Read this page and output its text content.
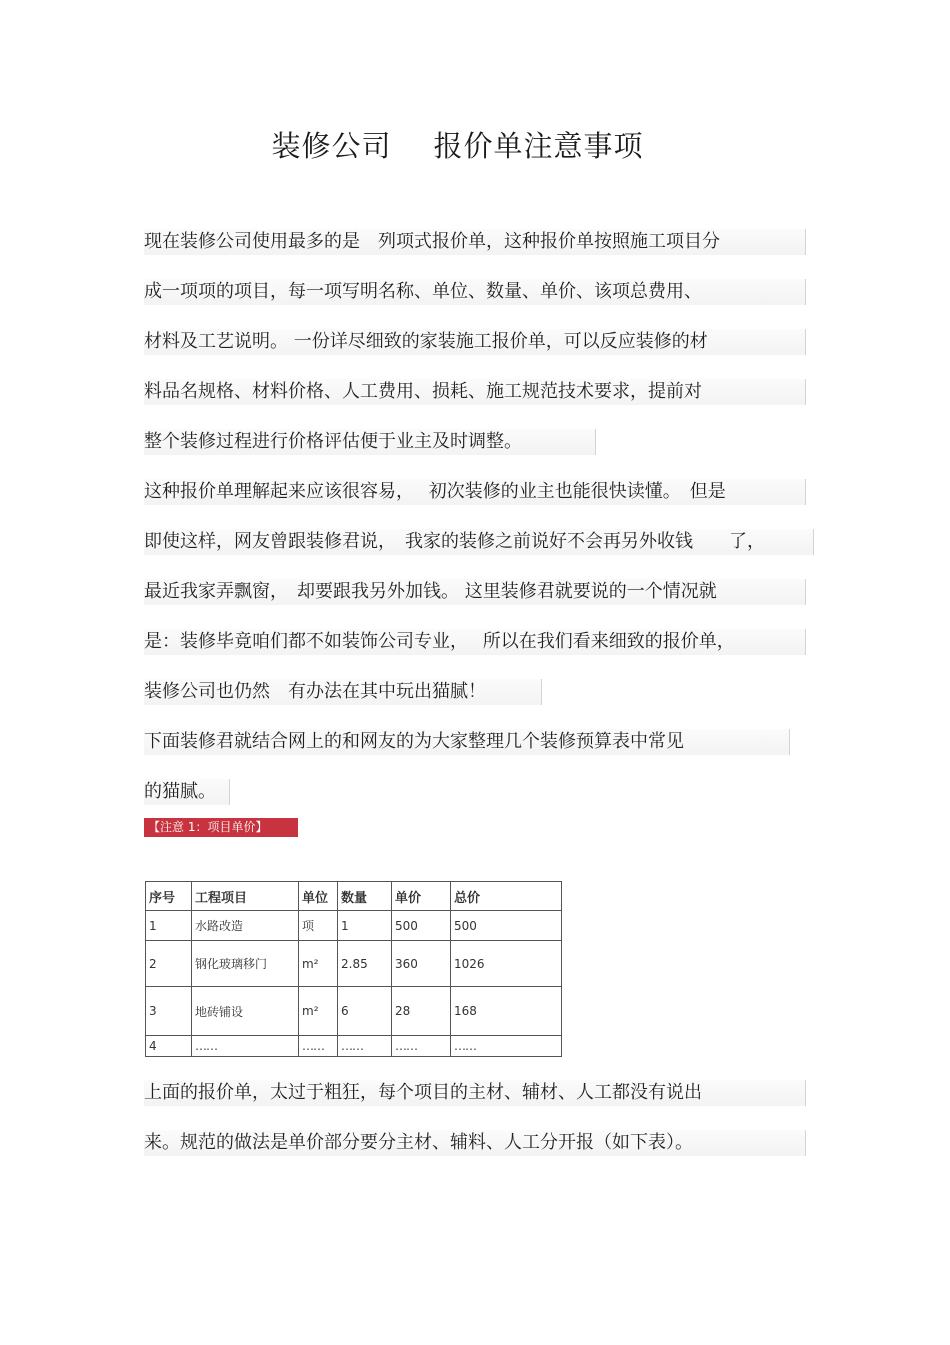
装修公司 报价单注意事项
现在装修公司使用最多的是　列项式报价单，这种报价单按照施工项目分
成一项项的项目，每一项写明名称、单位、数量、单价、该项总费用、
材料及工艺说明。 一份详尽细致的家装施工报价单，可以反应装修的材
料品名规格、材料价格、人工费用、损耗、施工规范技术要求，提前对
整个装修过程进行价格评估便于业主及时调整。
这种报价单理解起来应该很容易，　 初次装修的业主也能很快读懂。　但是
即使这样，网友曾跟装修君说，　我家的装修之前说好不会再另外收钱　　了，
最近我家弄飘窗，　却要跟我另外加钱。 这里装修君就要说的一个情况就
是：装修毕竟咱们都不如装饰公司专业，　 所以在我们看来细致的报价单，
装修公司也仍然　有办法在其中玩出猫腻！
下面装修君就结合网上的和网友的为大家整理几个装修预算表中常见
的猫腻。
【注意 1：项目单价】
序号	工程项目	单位	数量	单价	总价
1	水路改造	项	1	500	500
2	钢化玻璃移门	m²	2.85	360	1026
3	地砖铺设	m²	6	28	168
4	……	……	……	……	……
上面的报价单，太过于粗狂，每个项目的主材、辅材、人工都没有说出
来。规范的做法是单价部分要分主材、辅料、人工分开报（如下表）。
